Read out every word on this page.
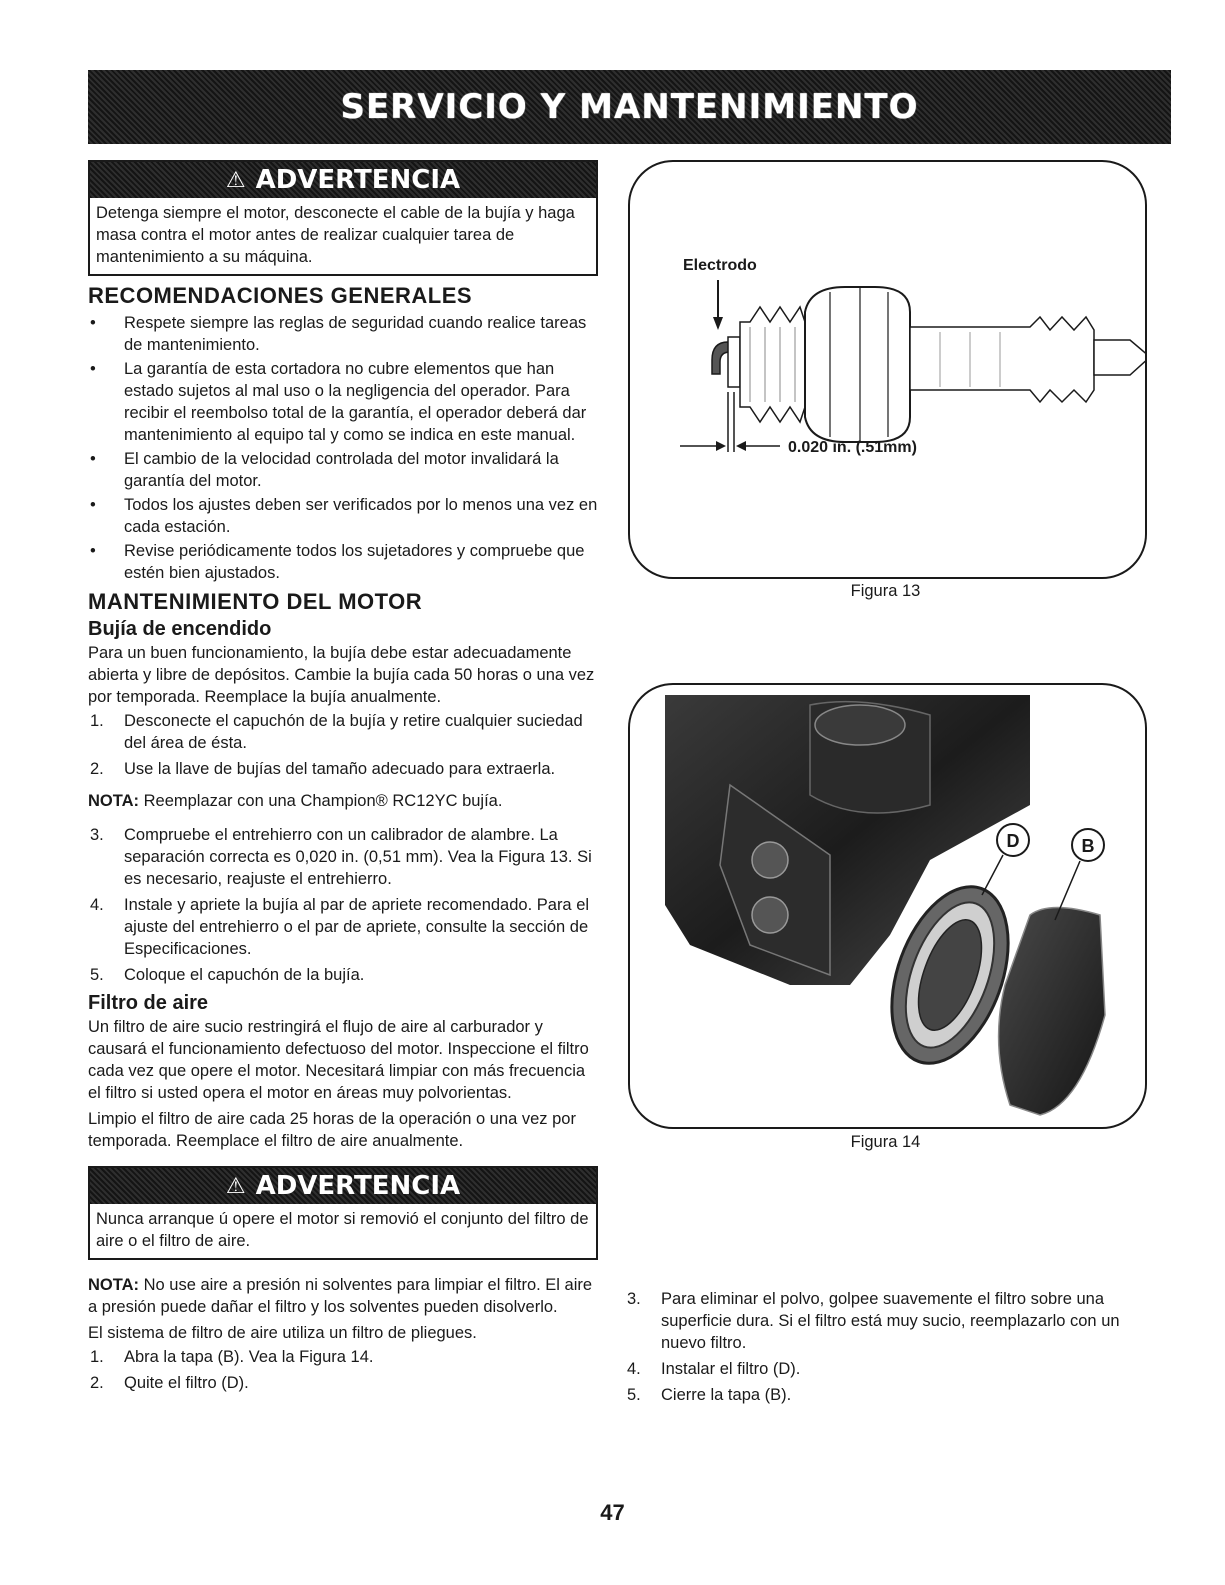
SERVICIO Y MANTENIMIENTO
⚠ ADVERTENCIA
Detenga siempre el motor, desconecte el cable de la bujía y haga masa contra el motor antes de realizar cualquier tarea de mantenimiento a su máquina.
RECOMENDACIONES GENERALES
• Respete siempre las reglas de seguridad cuando realice tareas de mantenimiento.
• La garantía de esta cortadora no cubre elementos que han estado sujetos al mal uso o la negligencia del operador. Para recibir el reembolso total de la garantía, el operador deberá dar mantenimiento al equipo tal y como se indica en este manual.
• El cambio de la velocidad controlada del motor invalidará la garantía del motor.
• Todos los ajustes deben ser verificados por lo menos una vez en cada estación.
• Revise periódicamente todos los sujetadores y compruebe que estén bien ajustados.
MANTENIMIENTO DEL MOTOR
Bujía de encendido

Para un buen funcionamiento, la bujía debe estar adecuadamente abierta y libre de depósitos. Cambie la bujía cada 50 horas o una vez por temporada. Reemplace la bujía anualmente.

1. Desconecte el capuchón de la bujía y retire cualquier suciedad del área de ésta.
2. Use la llave de bujías del tamaño adecuado para extraerla.
NOTA: Reemplazar con una Champion® RC12YC bujía.
3. Compruebe el entrehierro con un calibrador de alambre. La separación correcta es 0,020 in. (0,51 mm). Vea la Figura 13. Si es necesario, reajuste el entrehierro.
4. Instale y apriete la bujía al par de apriete recomendado. Para el ajuste del entrehierro o el par de apriete, consulte la sección de Especificaciones.
5. Coloque el capuchón de la bujía.
Filtro de aire

Un filtro de aire sucio restringirá el flujo de aire al carburador y causará el funcionamiento defectuoso del motor. Inspeccione el filtro cada vez que opere el motor. Necesitará limpiar con más frecuencia el filtro si usted opera el motor en áreas muy polvorientas.

Limpio el filtro de aire cada 25 horas de la operación o una vez por temporada. Reemplace el filtro de aire anualmente.

⚠ ADVERTENCIA
Nunca arranque ú opere el motor si removió el conjunto del filtro de aire o el filtro de aire.
NOTA: No use aire a presión ni solventes para limpiar el filtro. El aire a presión puede dañar el filtro y los solventes pueden disolverlo.

El sistema de filtro de aire utiliza un filtro de pliegues.

1. Abra la tapa (B). Vea la Figura 14.
2. Quite el filtro (D).
Electrodo
0.020 in. (.51mm)
Figura 13
D	B
Figura 14
3. Para eliminar el polvo, golpee suavemente el filtro sobre una superficie dura. Si el filtro está muy sucio, reemplazarlo con un nuevo filtro.
4. Instalar el filtro (D).
5. Cierre la tapa (B).
47
